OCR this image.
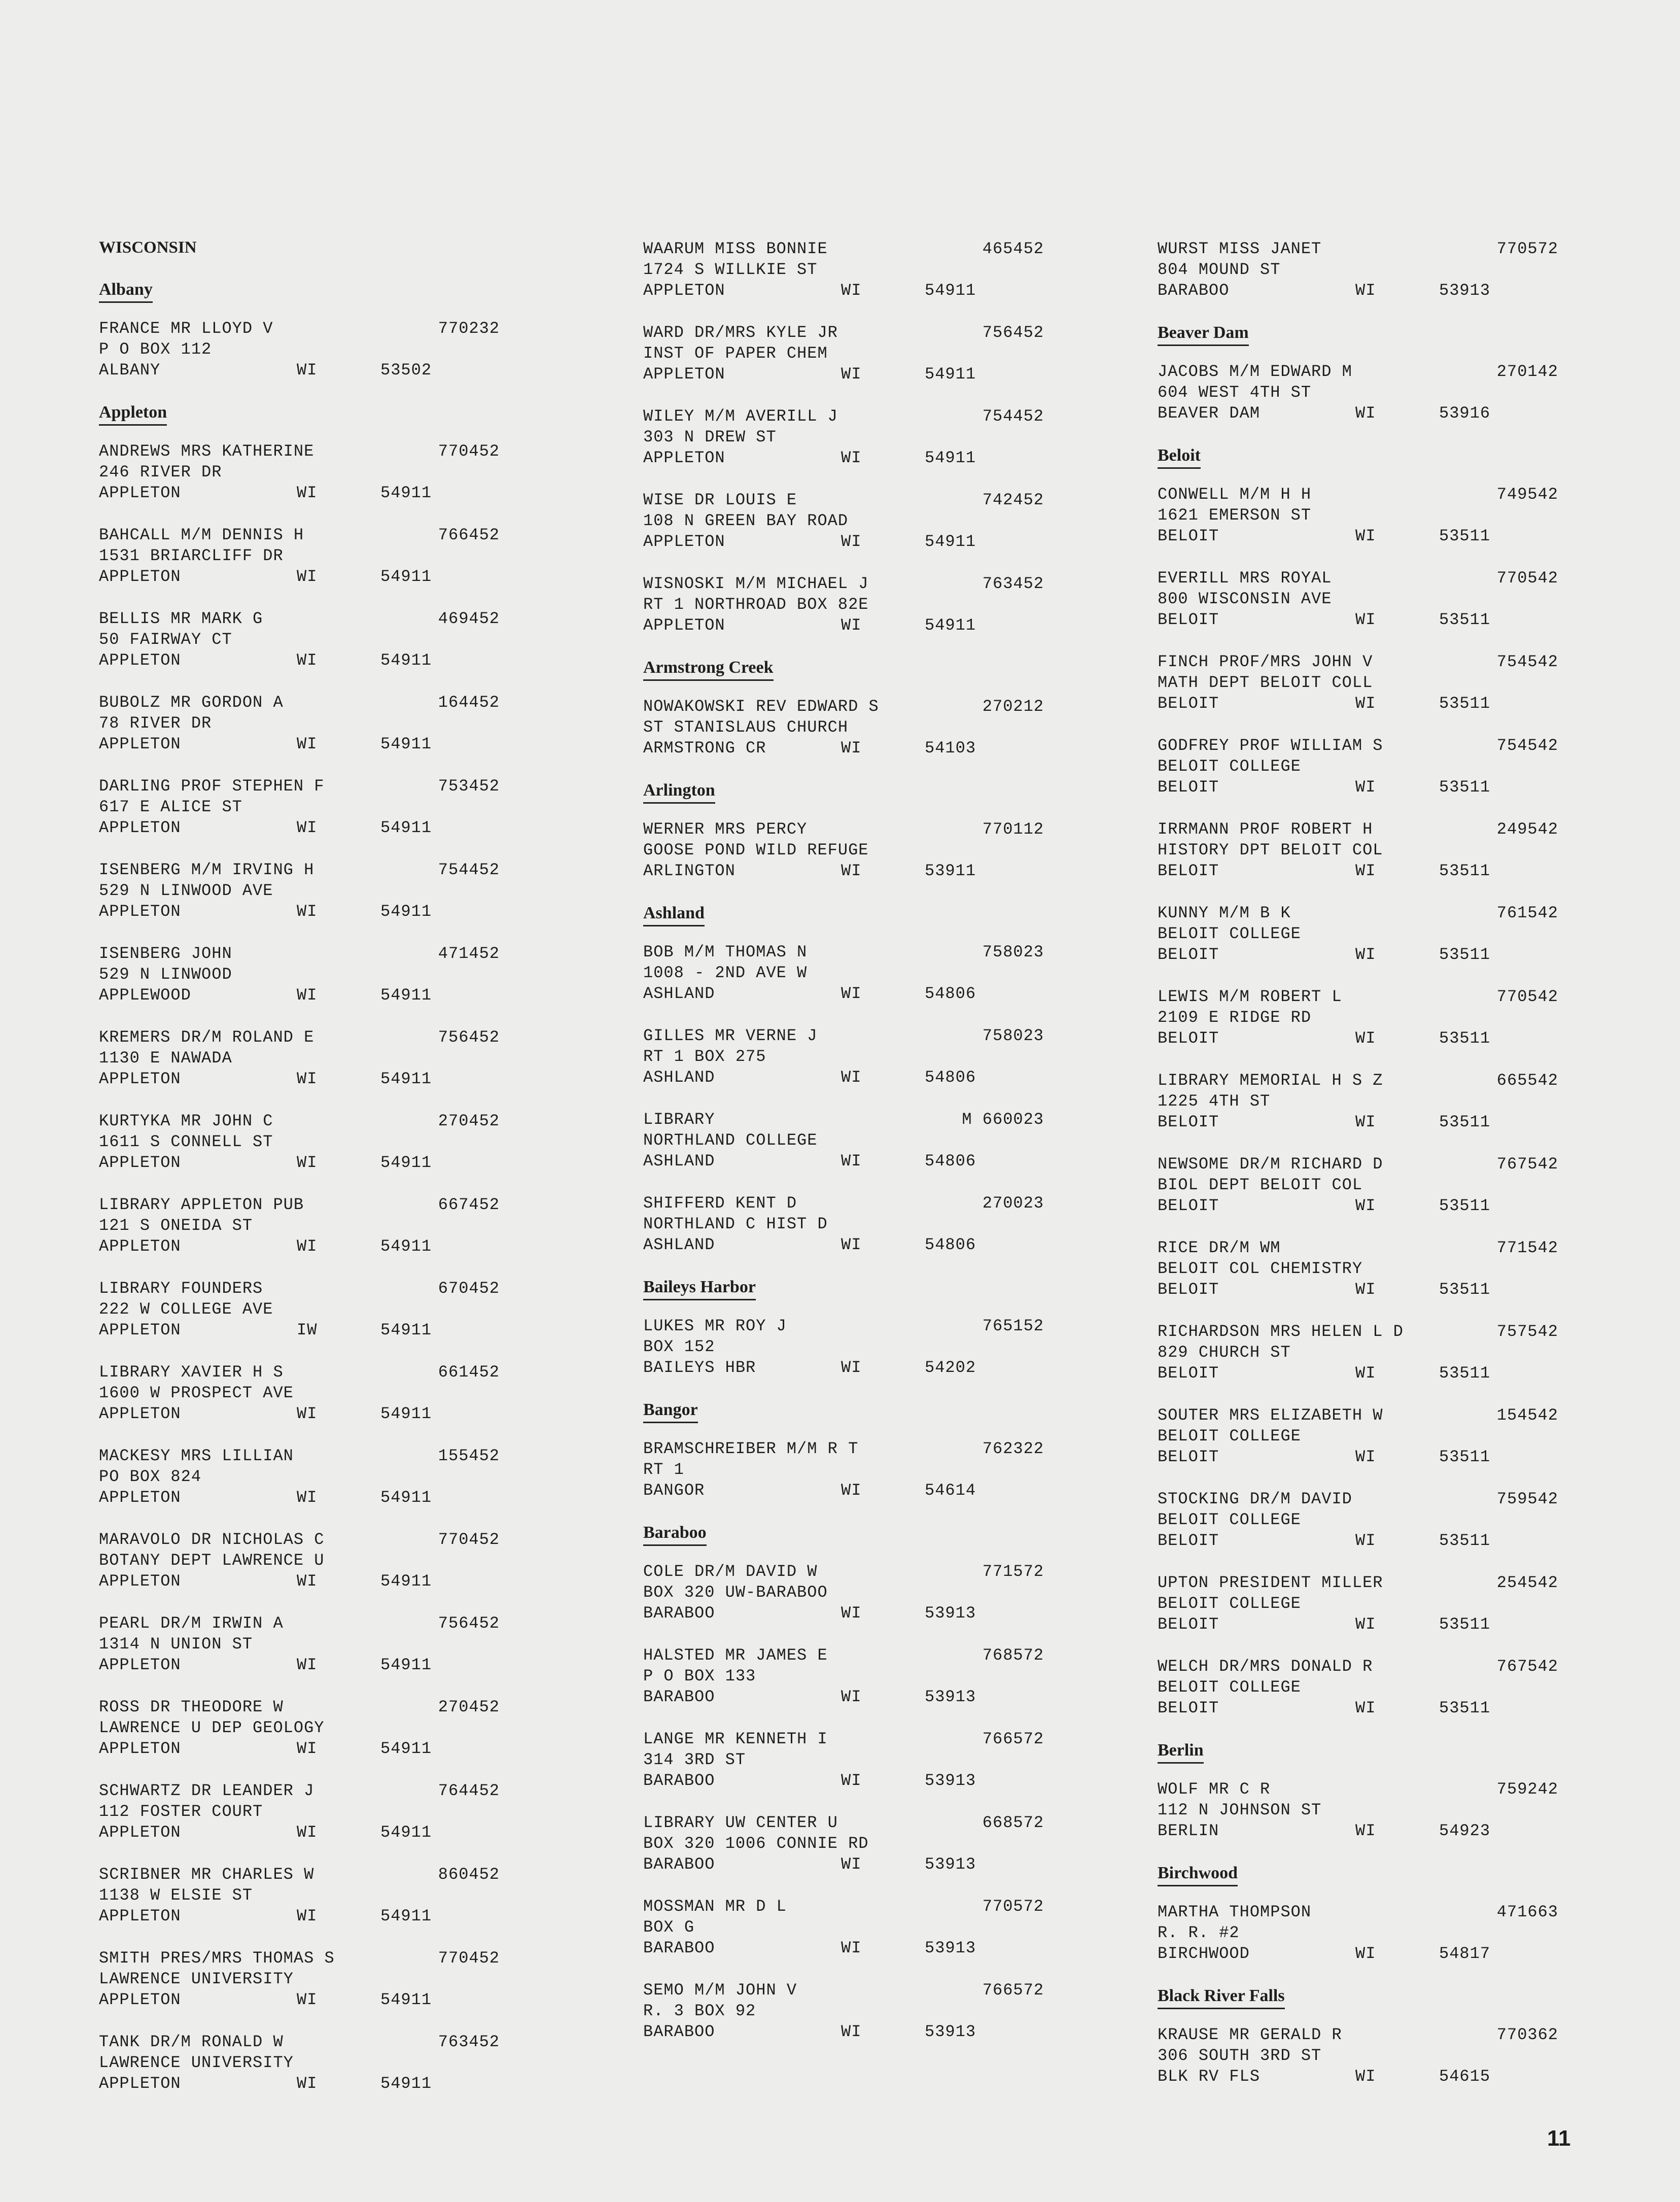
WISCONSIN
Albany
FRANCE MR LLOYD V	770232
P O BOX 112
ALBANY	WI	53502
Appleton
ANDREWS MRS KATHERINE	770452
246 RIVER DR
APPLETON	WI	54911
BAHCALL M/M DENNIS H	766452
1531 BRIARCLIFF DR
APPLETON	WI	54911
BELLIS MR MARK G	469452
50 FAIRWAY CT
APPLETON	WI	54911
BUBOLZ MR GORDON A	164452
78 RIVER DR
APPLETON	WI	54911
DARLING PROF STEPHEN F	753452
617 E ALICE ST
APPLETON	WI	54911
ISENBERG M/M IRVING H	754452
529 N LINWOOD AVE
APPLETON	WI	54911
ISENBERG JOHN	471452
529 N LINWOOD
APPLEWOOD	WI	54911
KREMERS DR/M ROLAND E	756452
1130 E NAWADA
APPLETON	WI	54911
KURTYKA MR JOHN C	270452
1611 S CONNELL ST
APPLETON	WI	54911
LIBRARY APPLETON PUB	667452
121 S ONEIDA ST
APPLETON	WI	54911
LIBRARY FOUNDERS	670452
222 W COLLEGE AVE
APPLETON	IW	54911
LIBRARY XAVIER H S	661452
1600 W PROSPECT AVE
APPLETON	WI	54911
MACKESY MRS LILLIAN	155452
PO BOX 824
APPLETON	WI	54911
MARAVOLO DR NICHOLAS C	770452
BOTANY DEPT LAWRENCE U
APPLETON	WI	54911
PEARL DR/M IRWIN A	756452
1314 N UNION ST
APPLETON	WI	54911
ROSS DR THEODORE W	270452
LAWRENCE U DEP GEOLOGY
APPLETON	WI	54911
SCHWARTZ DR LEANDER J	764452
112 FOSTER COURT
APPLETON	WI	54911
SCRIBNER MR CHARLES W	860452
1138 W ELSIE ST
APPLETON	WI	54911
SMITH PRES/MRS THOMAS S	770452
LAWRENCE UNIVERSITY
APPLETON	WI	54911
TANK DR/M RONALD W	763452
LAWRENCE UNIVERSITY
APPLETON	WI	54911
WAARUM MISS BONNIE	465452
1724 S WILLKIE ST
APPLETON	WI	54911
WARD DR/MRS KYLE JR	756452
INST OF PAPER CHEM
APPLETON	WI	54911
WILEY M/M AVERILL J	754452
303 N DREW ST
APPLETON	WI	54911
WISE DR LOUIS E	742452
108 N GREEN BAY ROAD
APPLETON	WI	54911
WISNOSKI M/M MICHAEL J	763452
RT 1 NORTHROAD BOX 82E
APPLETON	WI	54911
Armstrong Creek
NOWAKOWSKI REV EDWARD S	270212
ST STANISLAUS CHURCH
ARMSTRONG CR	WI	54103
Arlington
WERNER MRS PERCY	770112
GOOSE POND WILD REFUGE
ARLINGTON	WI	53911
Ashland
BOB M/M THOMAS N	758023
1008 - 2ND AVE W
ASHLAND	WI	54806
GILLES MR VERNE J	758023
RT 1 BOX 275
ASHLAND	WI	54806
LIBRARY	M 660023
NORTHLAND COLLEGE
ASHLAND	WI	54806
SHIFFERD KENT D	270023
NORTHLAND C HIST D
ASHLAND	WI	54806
Baileys Harbor
LUKES MR ROY J	765152
BOX 152
BAILEYS HBR	WI	54202
Bangor
BRAMSCHREIBER M/M R T	762322
RT 1
BANGOR	WI	54614
Baraboo
COLE DR/M DAVID W	771572
BOX 320 UW-BARABOO
BARABOO	WI	53913
HALSTED MR JAMES E	768572
P O BOX 133
BARABOO	WI	53913
LANGE MR KENNETH I	766572
314 3RD ST
BARABOO	WI	53913
LIBRARY UW CENTER U	668572
BOX 320 1006 CONNIE RD
BARABOO	WI	53913
MOSSMAN MR D L	770572
BOX G
BARABOO	WI	53913
SEMO M/M JOHN V	766572
R. 3 BOX 92
BARABOO	WI	53913
WURST MISS JANET	770572
804 MOUND ST
BARABOO	WI	53913
Beaver Dam
JACOBS M/M EDWARD M	270142
604 WEST 4TH ST
BEAVER DAM	WI	53916
Beloit
CONWELL M/M H H	749542
1621 EMERSON ST
BELOIT	WI	53511
EVERILL MRS ROYAL	770542
800 WISCONSIN AVE
BELOIT	WI	53511
FINCH PROF/MRS JOHN V	754542
MATH DEPT BELOIT COLL
BELOIT	WI	53511
GODFREY PROF WILLIAM S	754542
BELOIT COLLEGE
BELOIT	WI	53511
IRRMANN PROF ROBERT H	249542
HISTORY DPT BELOIT COL
BELOIT	WI	53511
KUNNY M/M B K	761542
BELOIT COLLEGE
BELOIT	WI	53511
LEWIS M/M ROBERT L	770542
2109 E RIDGE RD
BELOIT	WI	53511
LIBRARY MEMORIAL H S Z	665542
1225 4TH ST
BELOIT	WI	53511
NEWSOME DR/M RICHARD D	767542
BIOL DEPT BELOIT COL
BELOIT	WI	53511
RICE DR/M WM	771542
BELOIT COL CHEMISTRY
BELOIT	WI	53511
RICHARDSON MRS HELEN L D	757542
829 CHURCH ST
BELOIT	WI	53511
SOUTER MRS ELIZABETH W	154542
BELOIT COLLEGE
BELOIT	WI	53511
STOCKING DR/M DAVID	759542
BELOIT COLLEGE
BELOIT	WI	53511
UPTON PRESIDENT MILLER	254542
BELOIT COLLEGE
BELOIT	WI	53511
WELCH DR/MRS DONALD R	767542
BELOIT COLLEGE
BELOIT	WI	53511
Berlin
WOLF MR C R	759242
112 N JOHNSON ST
BERLIN	WI	54923
Birchwood
MARTHA THOMPSON	471663
R. R. #2
BIRCHWOOD	WI	54817
Black River Falls
KRAUSE MR GERALD R	770362
306 SOUTH 3RD ST
BLK RV FLS	WI	54615
11
